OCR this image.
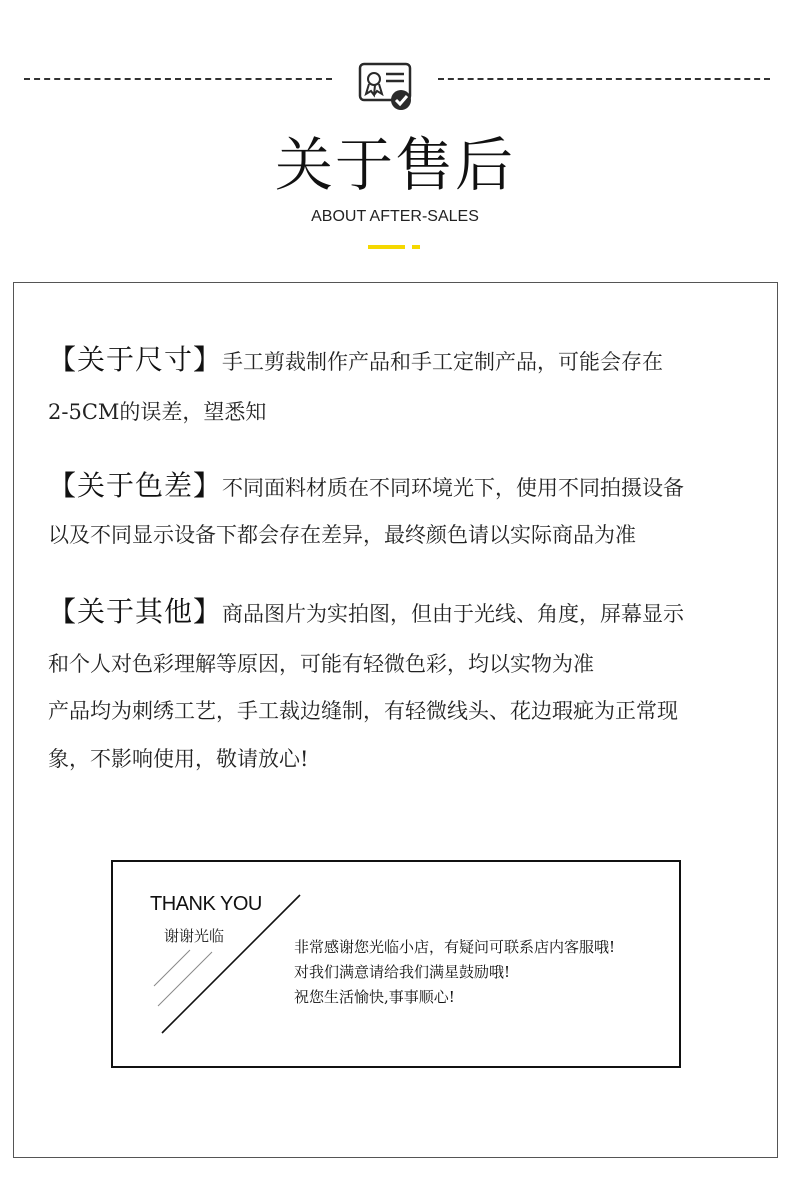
关于售后
ABOUT AFTER-SALES
【关于尺寸】手工剪裁制作产品和手工定制产品，可能会存在
2-5CM的误差，望悉知
【关于色差】不同面料材质在不同环境光下，使用不同拍摄设备
以及不同显示设备下都会存在差异，最终颜色请以实际商品为准
【关于其他】商品图片为实拍图，但由于光线、角度，屏幕显示
和个人对色彩理解等原因，可能有轻微色彩，均以实物为准
产品均为刺绣工艺，手工裁边缝制，有轻微线头、花边瑕疵为正常现
象，不影响使用，敬请放心!
THANK YOU
谢谢光临
非常感谢您光临小店，有疑问可联系店内客服哦!
对我们满意请给我们满星鼓励哦!
祝您生活愉快,事事顺心!
